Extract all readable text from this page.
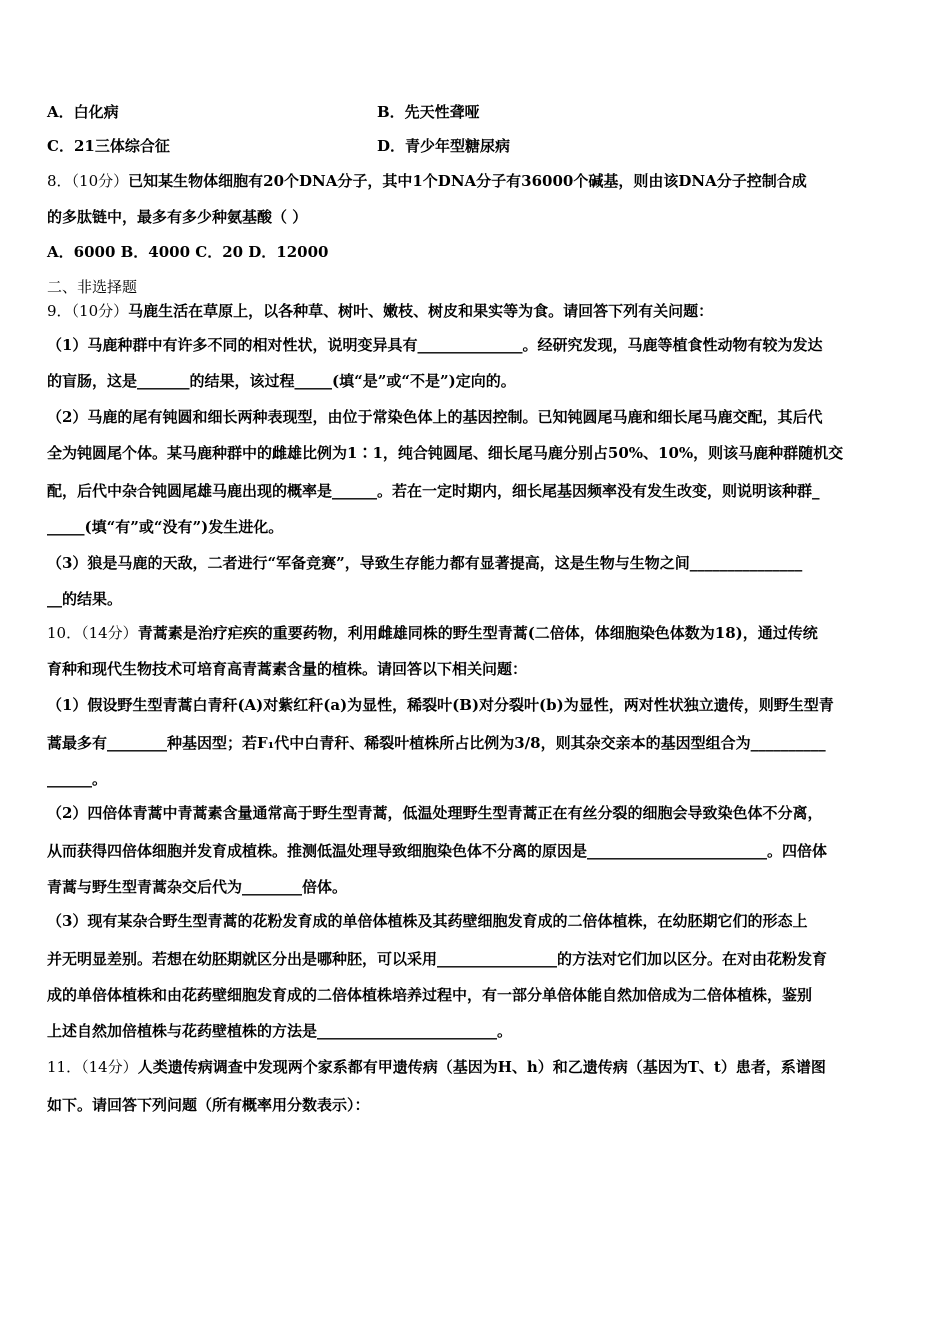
A．白化病	B．先天性聋哑
C．21三体综合征	D．青少年型糖尿病
8．（10分）已知某生物体细胞有20个DNA分子，其中1个DNA分子有36000个碱基，则由该DNA分子控制合成
的多肽链中，最多有多少种氨基酸（ ）
A．6000 B．4000 C．20 D．12000
二、非选择题
9．（10分）马鹿生活在草原上，以各种草、树叶、嫩枝、树皮和果实等为食。请回答下列有关问题：
（1）马鹿种群中有许多不同的相对性状，说明变异具有______________。经研究发现，马鹿等植食性动物有较为发达
的盲肠，这是_______的结果，该过程_____(填“是”或“不是”)定向的。
（2）马鹿的尾有钝圆和细长两种表现型，由位于常染色体上的基因控制。已知钝圆尾马鹿和细长尾马鹿交配，其后代
全为钝圆尾个体。某马鹿种群中的雌雄比例为1∶1，纯合钝圆尾、细长尾马鹿分别占50%、10%，则该马鹿种群随机交
配，后代中杂合钝圆尾雄马鹿出现的概率是______。若在一定时期内，细长尾基因频率没有发生改变，则说明该种群_
_____(填“有”或“没有”)发生进化。
（3）狼是马鹿的天敌，二者进行“军备竞赛”，导致生存能力都有显著提高，这是生物与生物之间_______________
__的结果。
10．（14分）青蒿素是治疗疟疾的重要药物，利用雌雄同株的野生型青蒿(二倍体，体细胞染色体数为18)，通过传统
育种和现代生物技术可培育高青蒿素含量的植株。请回答以下相关问题：
（1）假设野生型青蒿白青秆(A)对紫红秆(a)为显性，稀裂叶(B)对分裂叶(b)为显性，两对性状独立遗传，则野生型青
蒿最多有________种基因型；若F₁代中白青秆、稀裂叶植株所占比例为3/8，则其杂交亲本的基因型组合为__________
______。
（2）四倍体青蒿中青蒿素含量通常高于野生型青蒿，低温处理野生型青蒿正在有丝分裂的细胞会导致染色体不分离，
从而获得四倍体细胞并发育成植株。推测低温处理导致细胞染色体不分离的原因是________________________。四倍体
青蒿与野生型青蒿杂交后代为________倍体。
（3）现有某杂合野生型青蒿的花粉发育成的单倍体植株及其药壁细胞发育成的二倍体植株，在幼胚期它们的形态上
并无明显差别。若想在幼胚期就区分出是哪种胚，可以采用________________的方法对它们加以区分。在对由花粉发育
成的单倍体植株和由花药壁细胞发育成的二倍体植株培养过程中，有一部分单倍体能自然加倍成为二倍体植株，鉴别
上述自然加倍植株与花药壁植株的方法是________________________。
11．（14分）人类遗传病调查中发现两个家系都有甲遗传病（基因为H、h）和乙遗传病（基因为T、t）患者，系谱图
如下。请回答下列问题（所有概率用分数表示）：
